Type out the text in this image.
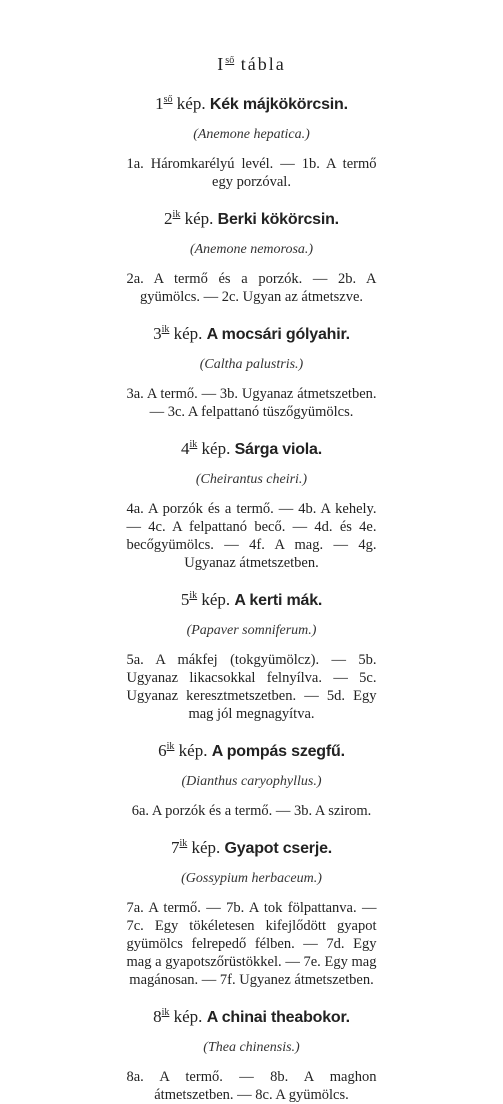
$I^{ső}$ tábla
$1^{ső}$ kép. Kék májkökörcsin.
(Anemone hepatica.)
1a. Háromkarélyú levél. — 1b. A termő egy porzóval.
$2^{ik}$ kép. Berki kökörcsin.
(Anemone nemorosa.)
2a. A termő és a porzók. — 2b. A gyümölcs. — 2c. Ugyan az átmetszve.
$3^{ik}$ kép. A mocsári gólyahir.
(Caltha palustris.)
3a. A termő. — 3b. Ugyanaz átmetszetben. — 3c. A felpattanó tüszőgyümölcs.
$4^{ik}$ kép. Sárga viola.
(Cheirantus cheiri.)
4a. A porzók és a termő. — 4b. A kehely. — 4c. A felpattanó becő. — 4d. és 4e. becőgyümölcs. — 4f. A mag. — 4g. Ugyanaz átmetszetben.
$5^{ik}$ kép. A kerti mák.
(Papaver somniferum.)
5a. A mákfej (tokgyümölcz). — 5b. Ugyanaz likacsokkal felnyílva. — 5c. Ugyanaz keresztmetszetben. — 5d. Egy mag jól megnagyítva.
$6^{ik}$ kép. A pompás szegfű.
(Dianthus caryophyllus.)
6a. A porzók és a termő. — 3b. A szirom.
$7^{ik}$ kép. Gyapot cserje.
(Gossypium herbaceum.)
7a. A termő. — 7b. A tok fölpattanva. — 7c. Egy tökéletesen kifejlődött gyapot gyümölcs felrepedő félben. — 7d. Egy mag a gyapotszőrüstökkel. — 7e. Egy mag magánosan. — 7f. Ugyanez átmetszetben.
$8^{ik}$ kép. A chinai theabokor.
(Thea chinensis.)
8a. A termő. — 8b. A maghon átmetszetben. — 8c. A gyümölcs.
